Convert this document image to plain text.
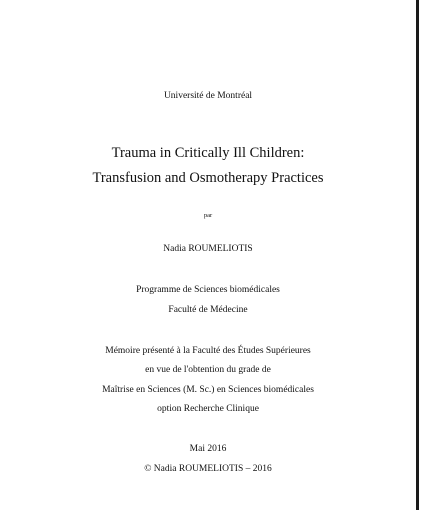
Université de Montréal
Trauma in Critically Ill Children:
Transfusion and Osmotherapy Practices
par
Nadia ROUMELIOTIS
Programme de Sciences biomédicales
Faculté de Médecine
Mémoire présenté à la Faculté des Études Supérieures
en vue de l'obtention du grade de
Maîtrise en Sciences (M. Sc.) en Sciences biomédicales
option Recherche Clinique
Mai 2016
© Nadia ROUMELIOTIS – 2016
